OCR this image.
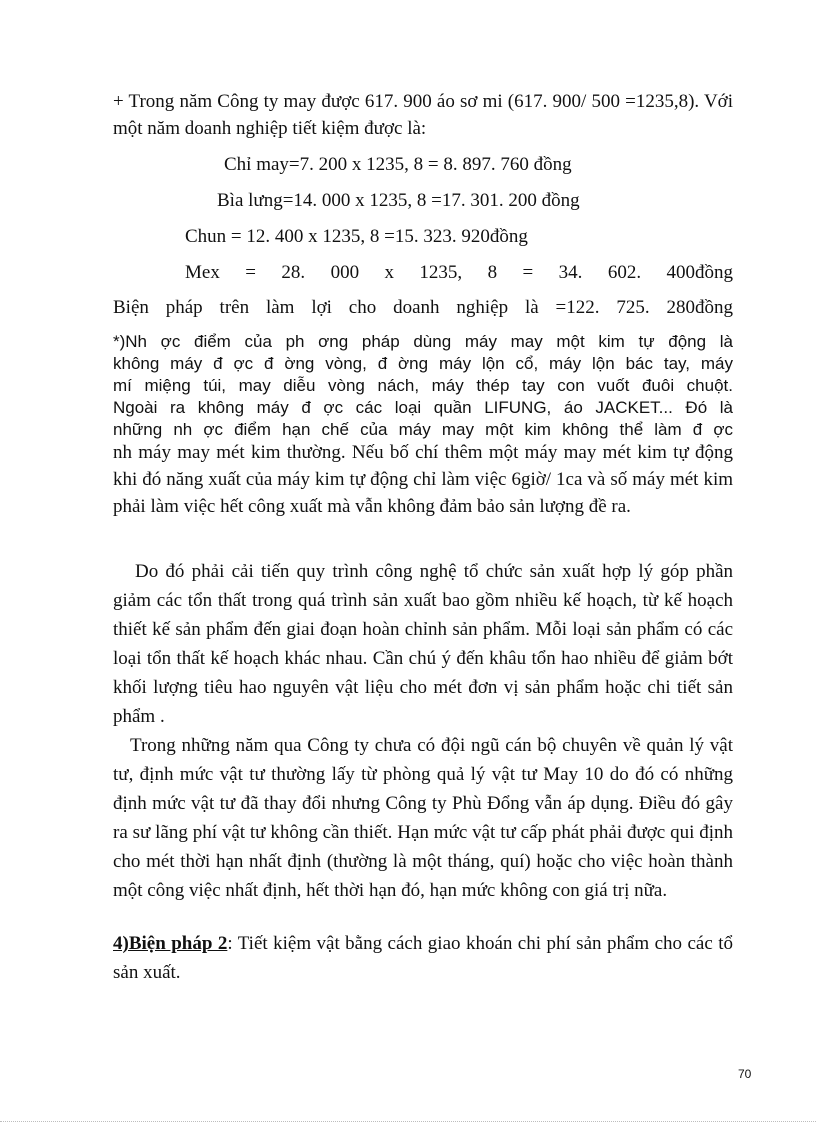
+ Trong năm Công ty may được 617. 900 áo sơ mi (617. 900/ 500 =1235,8). Với một năm doanh nghiệp tiết kiệm được là:

Chỉ may=7. 200 x 1235, 8 = 8. 897. 760 đồng

Bìa lưng=14. 000 x 1235, 8 =17. 301. 200 đồng

Chun = 12. 400 x 1235, 8 =15. 323. 920đồng

Mex = 28. 000 x 1235, 8 = 34. 602. 400đồng

Biện pháp trên làm lợi cho doanh nghiệp là =122. 725. 280đồng

*)Nh ợc điểm của ph ơng pháp dùng máy may một kim tự động là

không máy đ ợc đ ờng vòng, đ ờng máy lộn cổ, máy lộn bác tay, máy

mí miệng túi, may diễu vòng nách, máy thép tay con vuốt đuôi chuột.

Ngoài ra không máy đ ợc các loại quần LIFUNG, áo JACKET... Đó là

những nh ợc điểm hạn chế của máy may một kim không thể làm đ ợc

nh máy may mét kim thường. Nếu bố chí thêm một máy may mét kim tự động khi đó năng xuất của máy kim tự động chỉ làm việc 6giờ/ 1ca và số máy mét kim phải làm việc hết công xuất mà vẫn không đảm bảo sản lượng đề ra.

Do đó phải cải tiến quy trình công nghệ tổ chức sản xuất hợp lý góp phần giảm các tổn thất trong quá trình sản xuất bao gồm nhiều kế hoạch, từ kế hoạch thiết kế sản phẩm đến giai đoạn hoàn chỉnh sản phẩm. Mỗi loại sản phẩm có các loại tổn thất kế hoạch khác nhau. Cần chú ý đến khâu tổn hao nhiều để giảm bớt khối lượng tiêu hao nguyên vật liệu cho mét đơn vị sản phẩm hoặc chi tiết sản phẩm .

Trong những năm qua Công ty chưa có đội ngũ cán bộ chuyên về quản lý vật tư, định mức vật tư thường lấy từ phòng quả lý vật tư May 10 do đó có những định mức vật tư đã thay đổi nhưng Công ty Phù Đổng vẫn áp dụng. Điều đó gây ra sư lãng phí vật tư không cần thiết. Hạn mức vật tư cấp phát phải được qui định cho mét thời hạn nhất định (thường là một tháng, quí) hoặc cho việc hoàn thành một công việc nhất định, hết thời hạn đó, hạn mức không con giá trị nữa.

4)Biện pháp 2: Tiết kiệm vật bằng cách giao khoán chi phí sản phẩm cho các tổ sản xuất.

70
